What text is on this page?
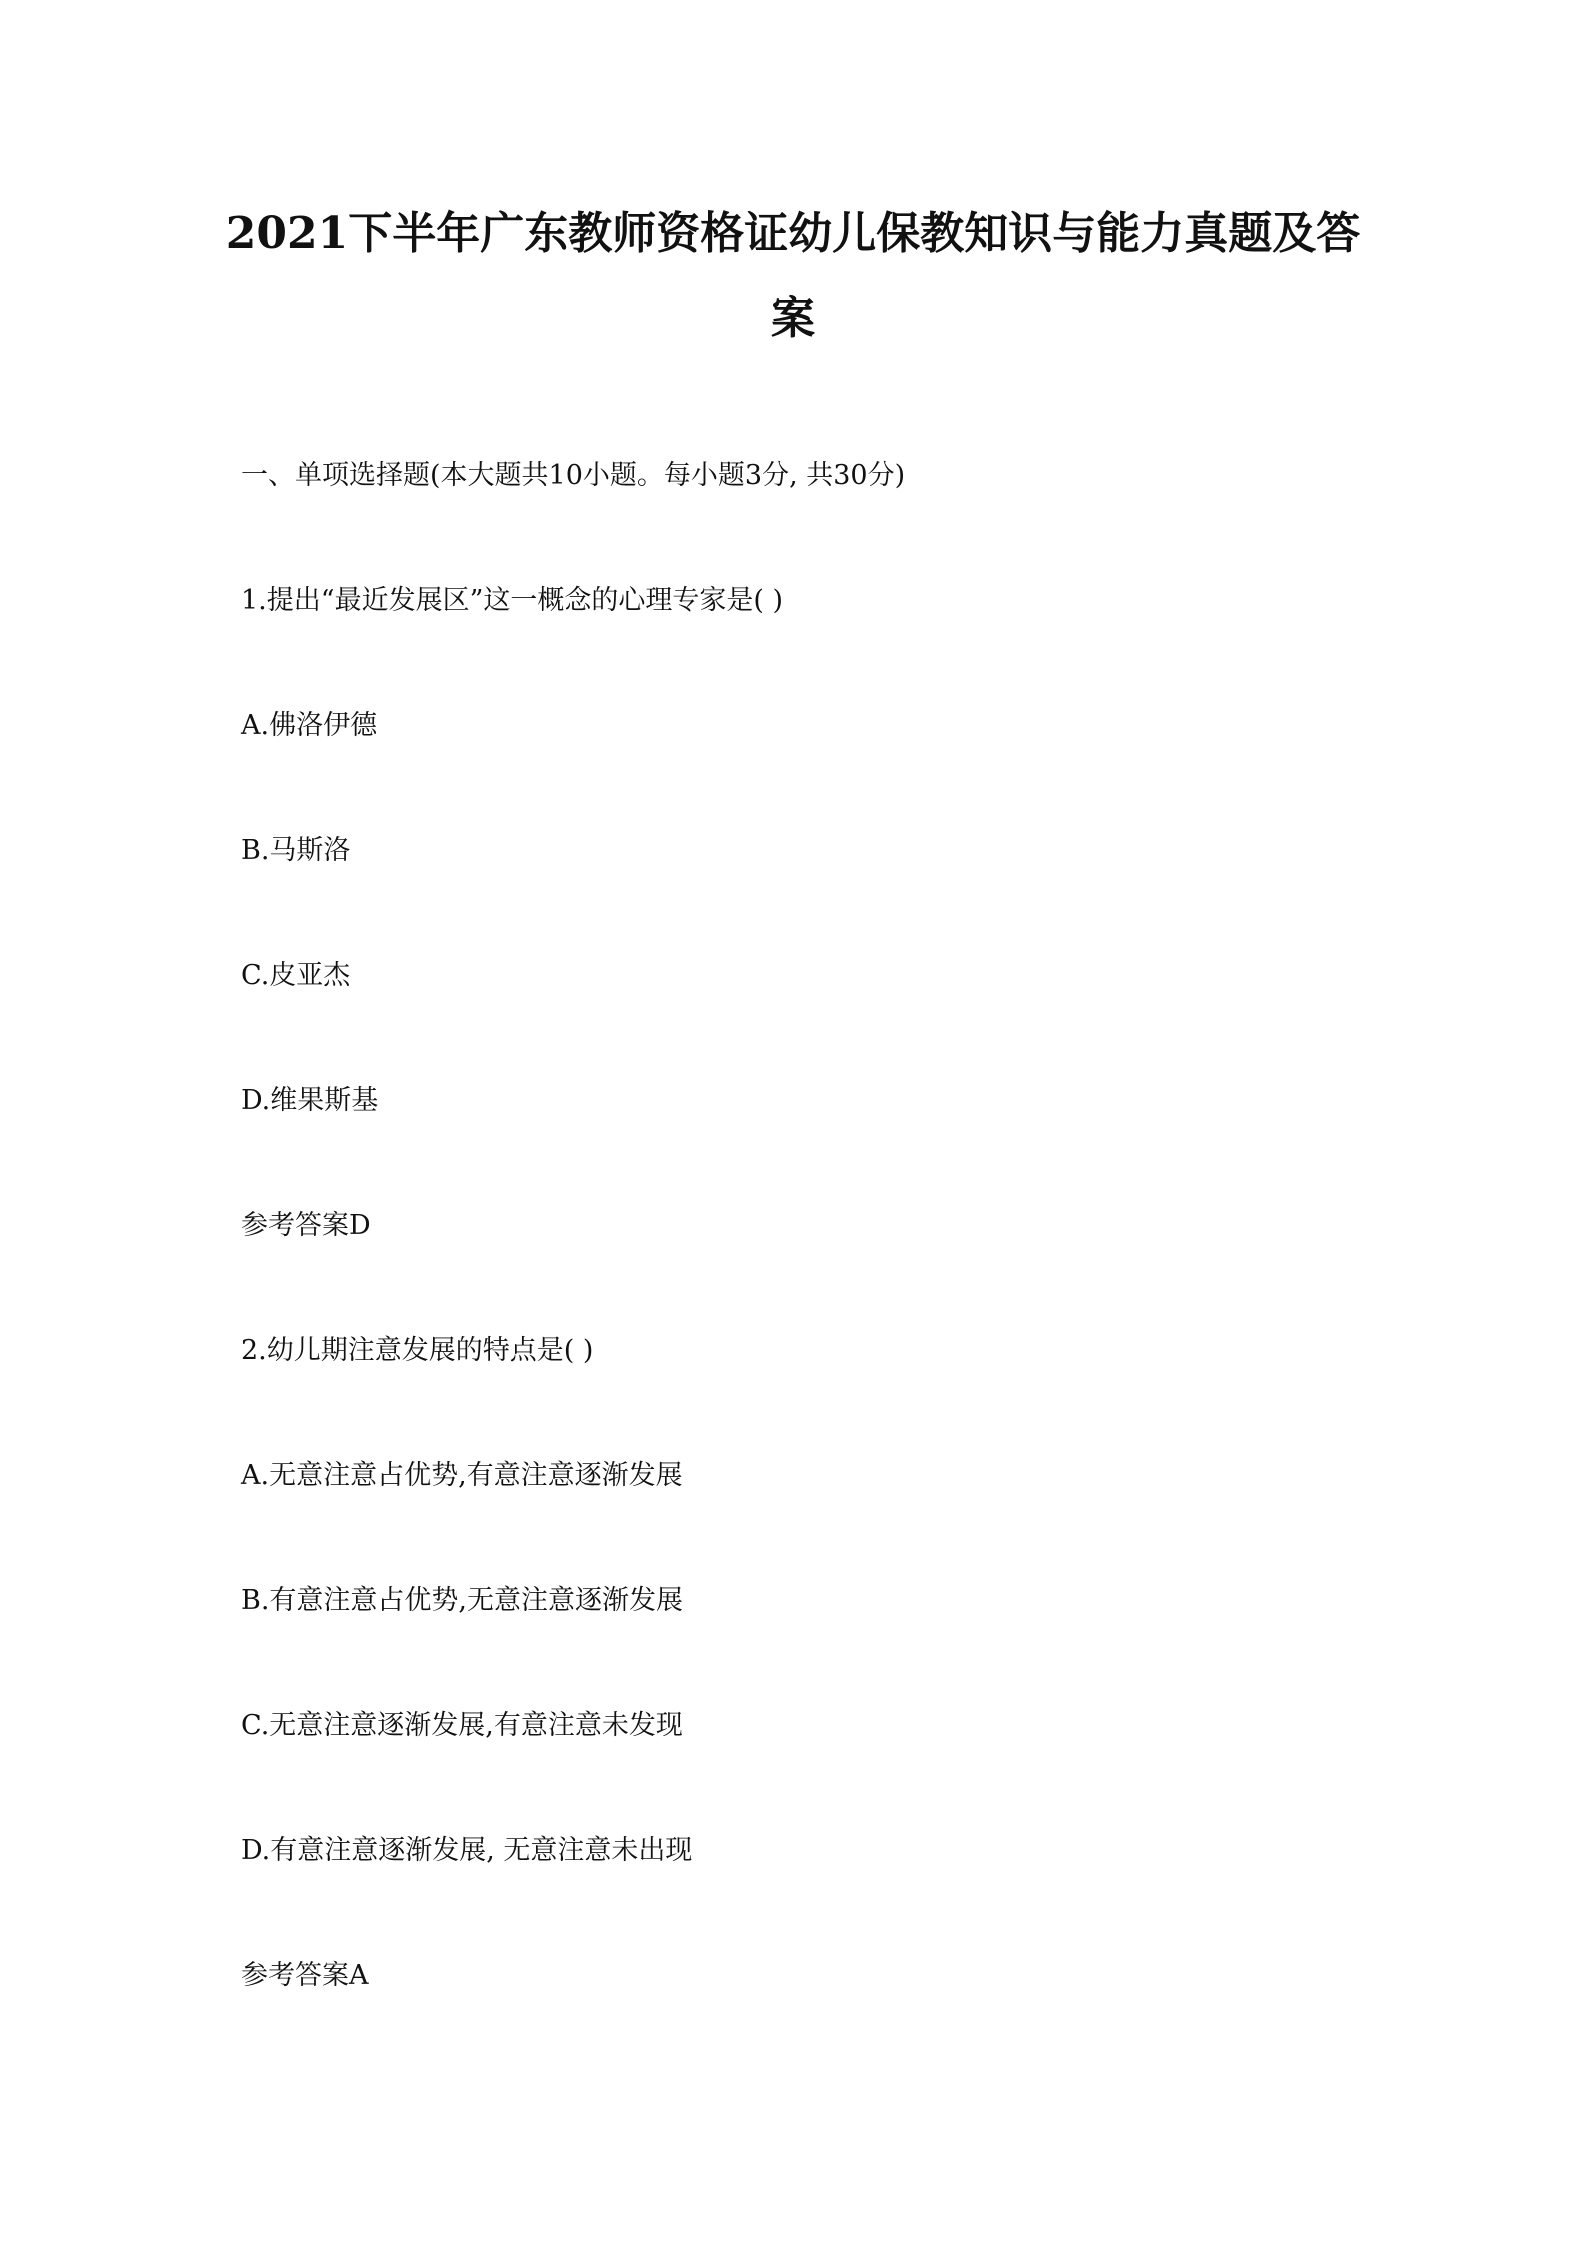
2021下半年广东教师资格证幼儿保教知识与能力真题及答
案
一、单项选择题(本大题共10小题。每小题3分, 共30分)
1.提出“最近发展区”这一概念的心理专家是( )
A.佛洛伊德
B.马斯洛
C.皮亚杰
D.维果斯基
参考答案D
2.幼儿期注意发展的特点是( )
A.无意注意占优势,有意注意逐渐发展
B.有意注意占优势,无意注意逐渐发展
C.无意注意逐渐发展,有意注意未发现
D.有意注意逐渐发展, 无意注意未出现
参考答案A
